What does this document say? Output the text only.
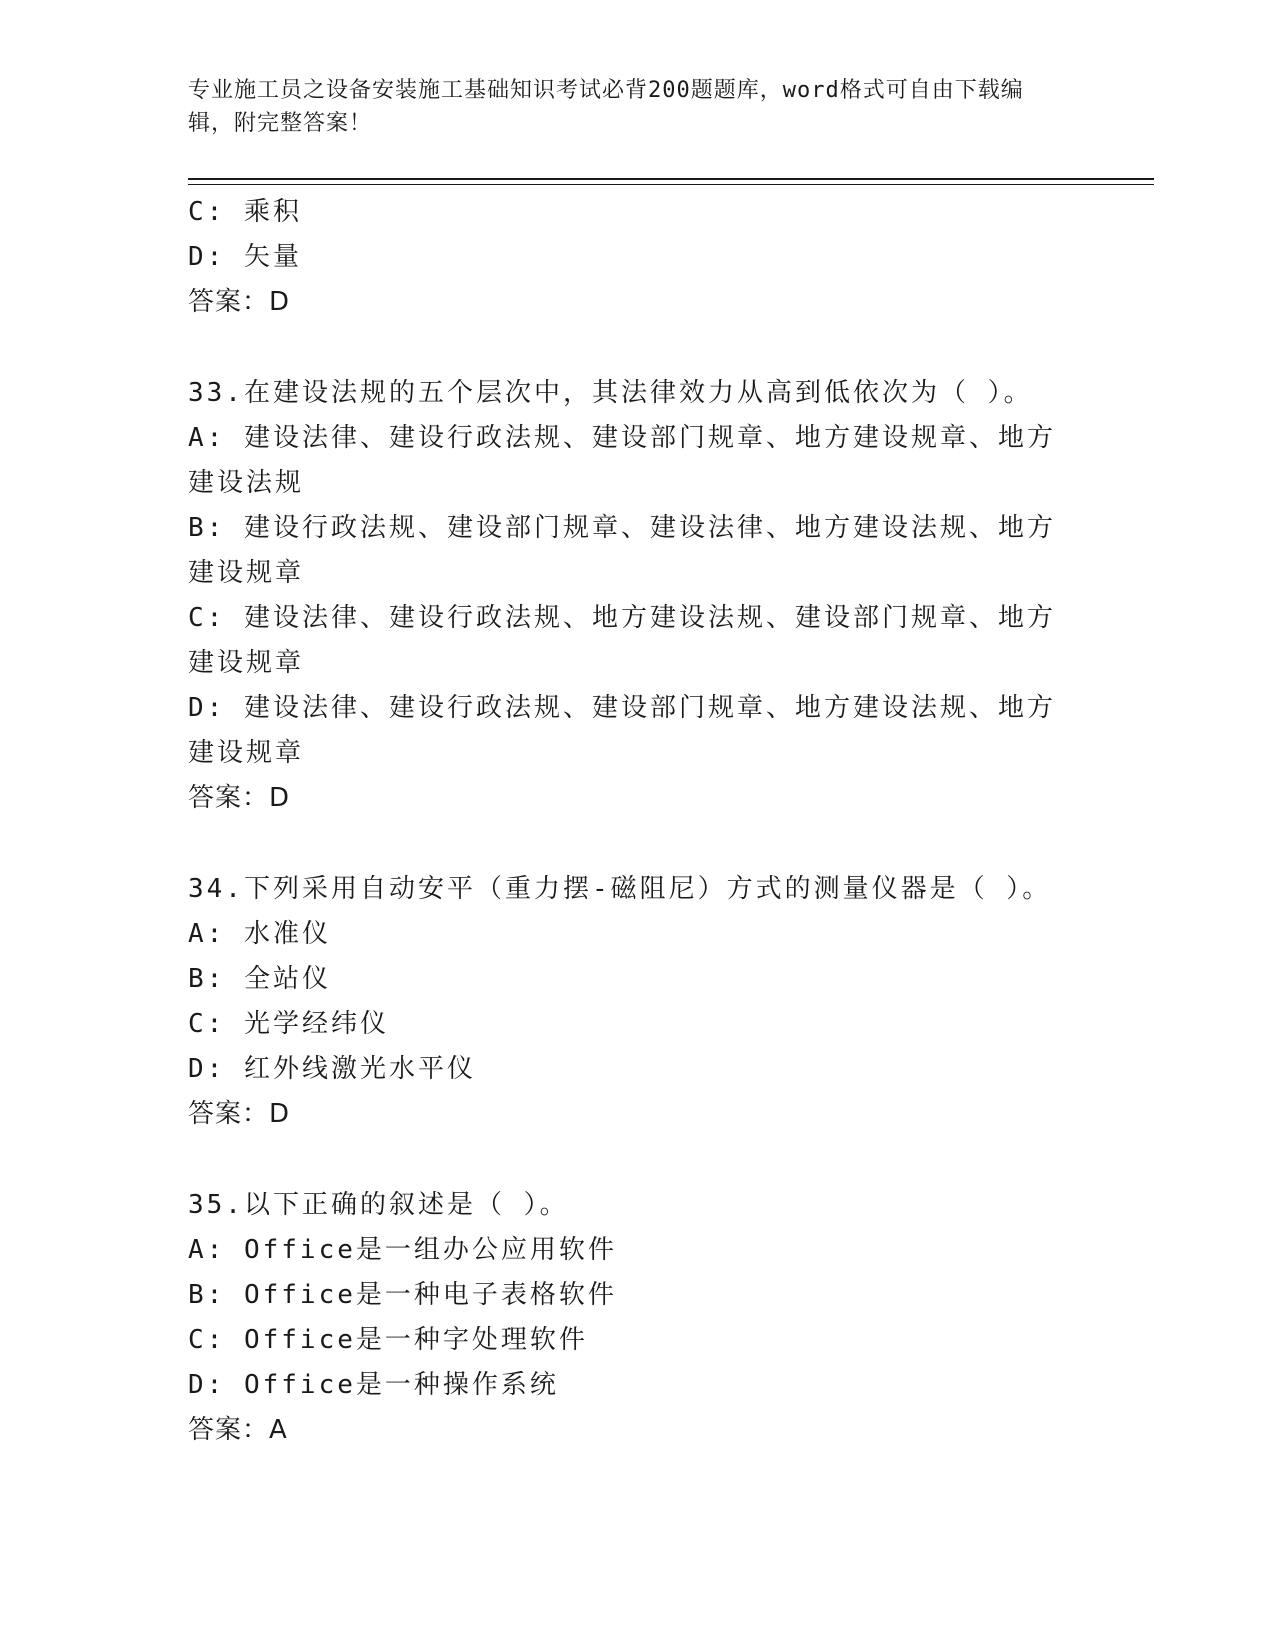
专业施工员之设备安装施工基础知识考试必背200题题库，word格式可自由下载编辑，附完整答案！
C: 乘积
D: 矢量
答案：D
33.在建设法规的五个层次中，其法律效力从高到低依次为（ ）。
A: 建设法律、建设行政法规、建设部门规章、地方建设规章、地方建设法规
B: 建设行政法规、建设部门规章、建设法律、地方建设法规、地方建设规章
C: 建设法律、建设行政法规、地方建设法规、建设部门规章、地方建设规章
D: 建设法律、建设行政法规、建设部门规章、地方建设法规、地方建设规章
答案：D
34.下列采用自动安平（重力摆-磁阻尼）方式的测量仪器是（ ）。
A: 水准仪
B: 全站仪
C: 光学经纬仪
D: 红外线激光水平仪
答案：D
35.以下正确的叙述是（ ）。
A: Office是一组办公应用软件
B: Office是一种电子表格软件
C: Office是一种字处理软件
D: Office是一种操作系统
答案：A
